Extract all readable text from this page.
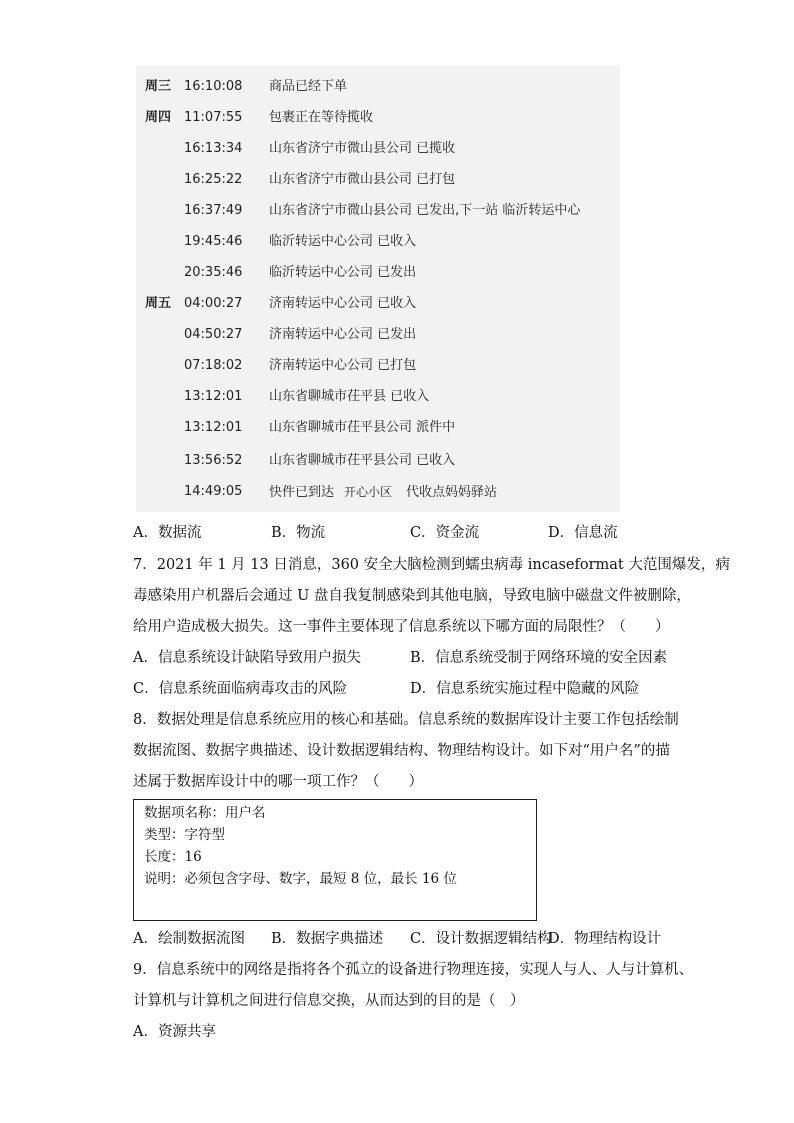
周三 16:10:08 商品已经下单
周四 11:07:55 包裹正在等待揽收
16:13:34 山东省济宁市微山县公司 已揽收
16:25:22 山东省济宁市微山县公司 已打包
16:37:49 山东省济宁市微山县公司 已发出,下一站 临沂转运中心
19:45:46 临沂转运中心公司 已收入
20:35:46 临沂转运中心公司 已发出
周五 04:00:27 济南转运中心公司 已收入
04:50:27 济南转运中心公司 已发出
07:18:02 济南转运中心公司 已打包
13:12:01 山东省聊城市茌平县 已收入
13:12:01 山东省聊城市茌平县公司 派件中
13:56:52 山东省聊城市茌平县公司 已收入
14:49:05 快件已到达 开心小区 代收点妈妈驿站
A．数据流	B．物流	C．资金流	D．信息流
7．2021 年 1 月 13 日消息，360 安全大脑检测到蠕虫病毒 incaseformat 大范围爆发，病
毒感染用户机器后会通过 U 盘自我复制感染到其他电脑，导致电脑中磁盘文件被删除，
给用户造成极大损失。这一事件主要体现了信息系统以下哪方面的局限性？（　　）
A．信息系统设计缺陷导致用户损失	B．信息系统受制于网络环境的安全因素
C．信息系统面临病毒攻击的风险	D．信息系统实施过程中隐藏的风险
8．数据处理是信息系统应用的核心和基础。信息系统的数据库设计主要工作包括绘制
数据流图、数据字典描述、设计数据逻辑结构、物理结构设计。如下对“用户名”的描
述属于数据库设计中的哪一项工作？（　　）
数据项名称：用户名
类型：字符型
长度：16
说明：必须包含字母、数字，最短 8 位，最长 16 位
A．绘制数据流图 B．数据字典描述 C．设计数据逻辑结构
D．物理结构设计
9．信息系统中的网络是指将各个孤立的设备进行物理连接，实现人与人、人与计算机、
计算机与计算机之间进行信息交换，从而达到的目的是（　）
A．资源共享
